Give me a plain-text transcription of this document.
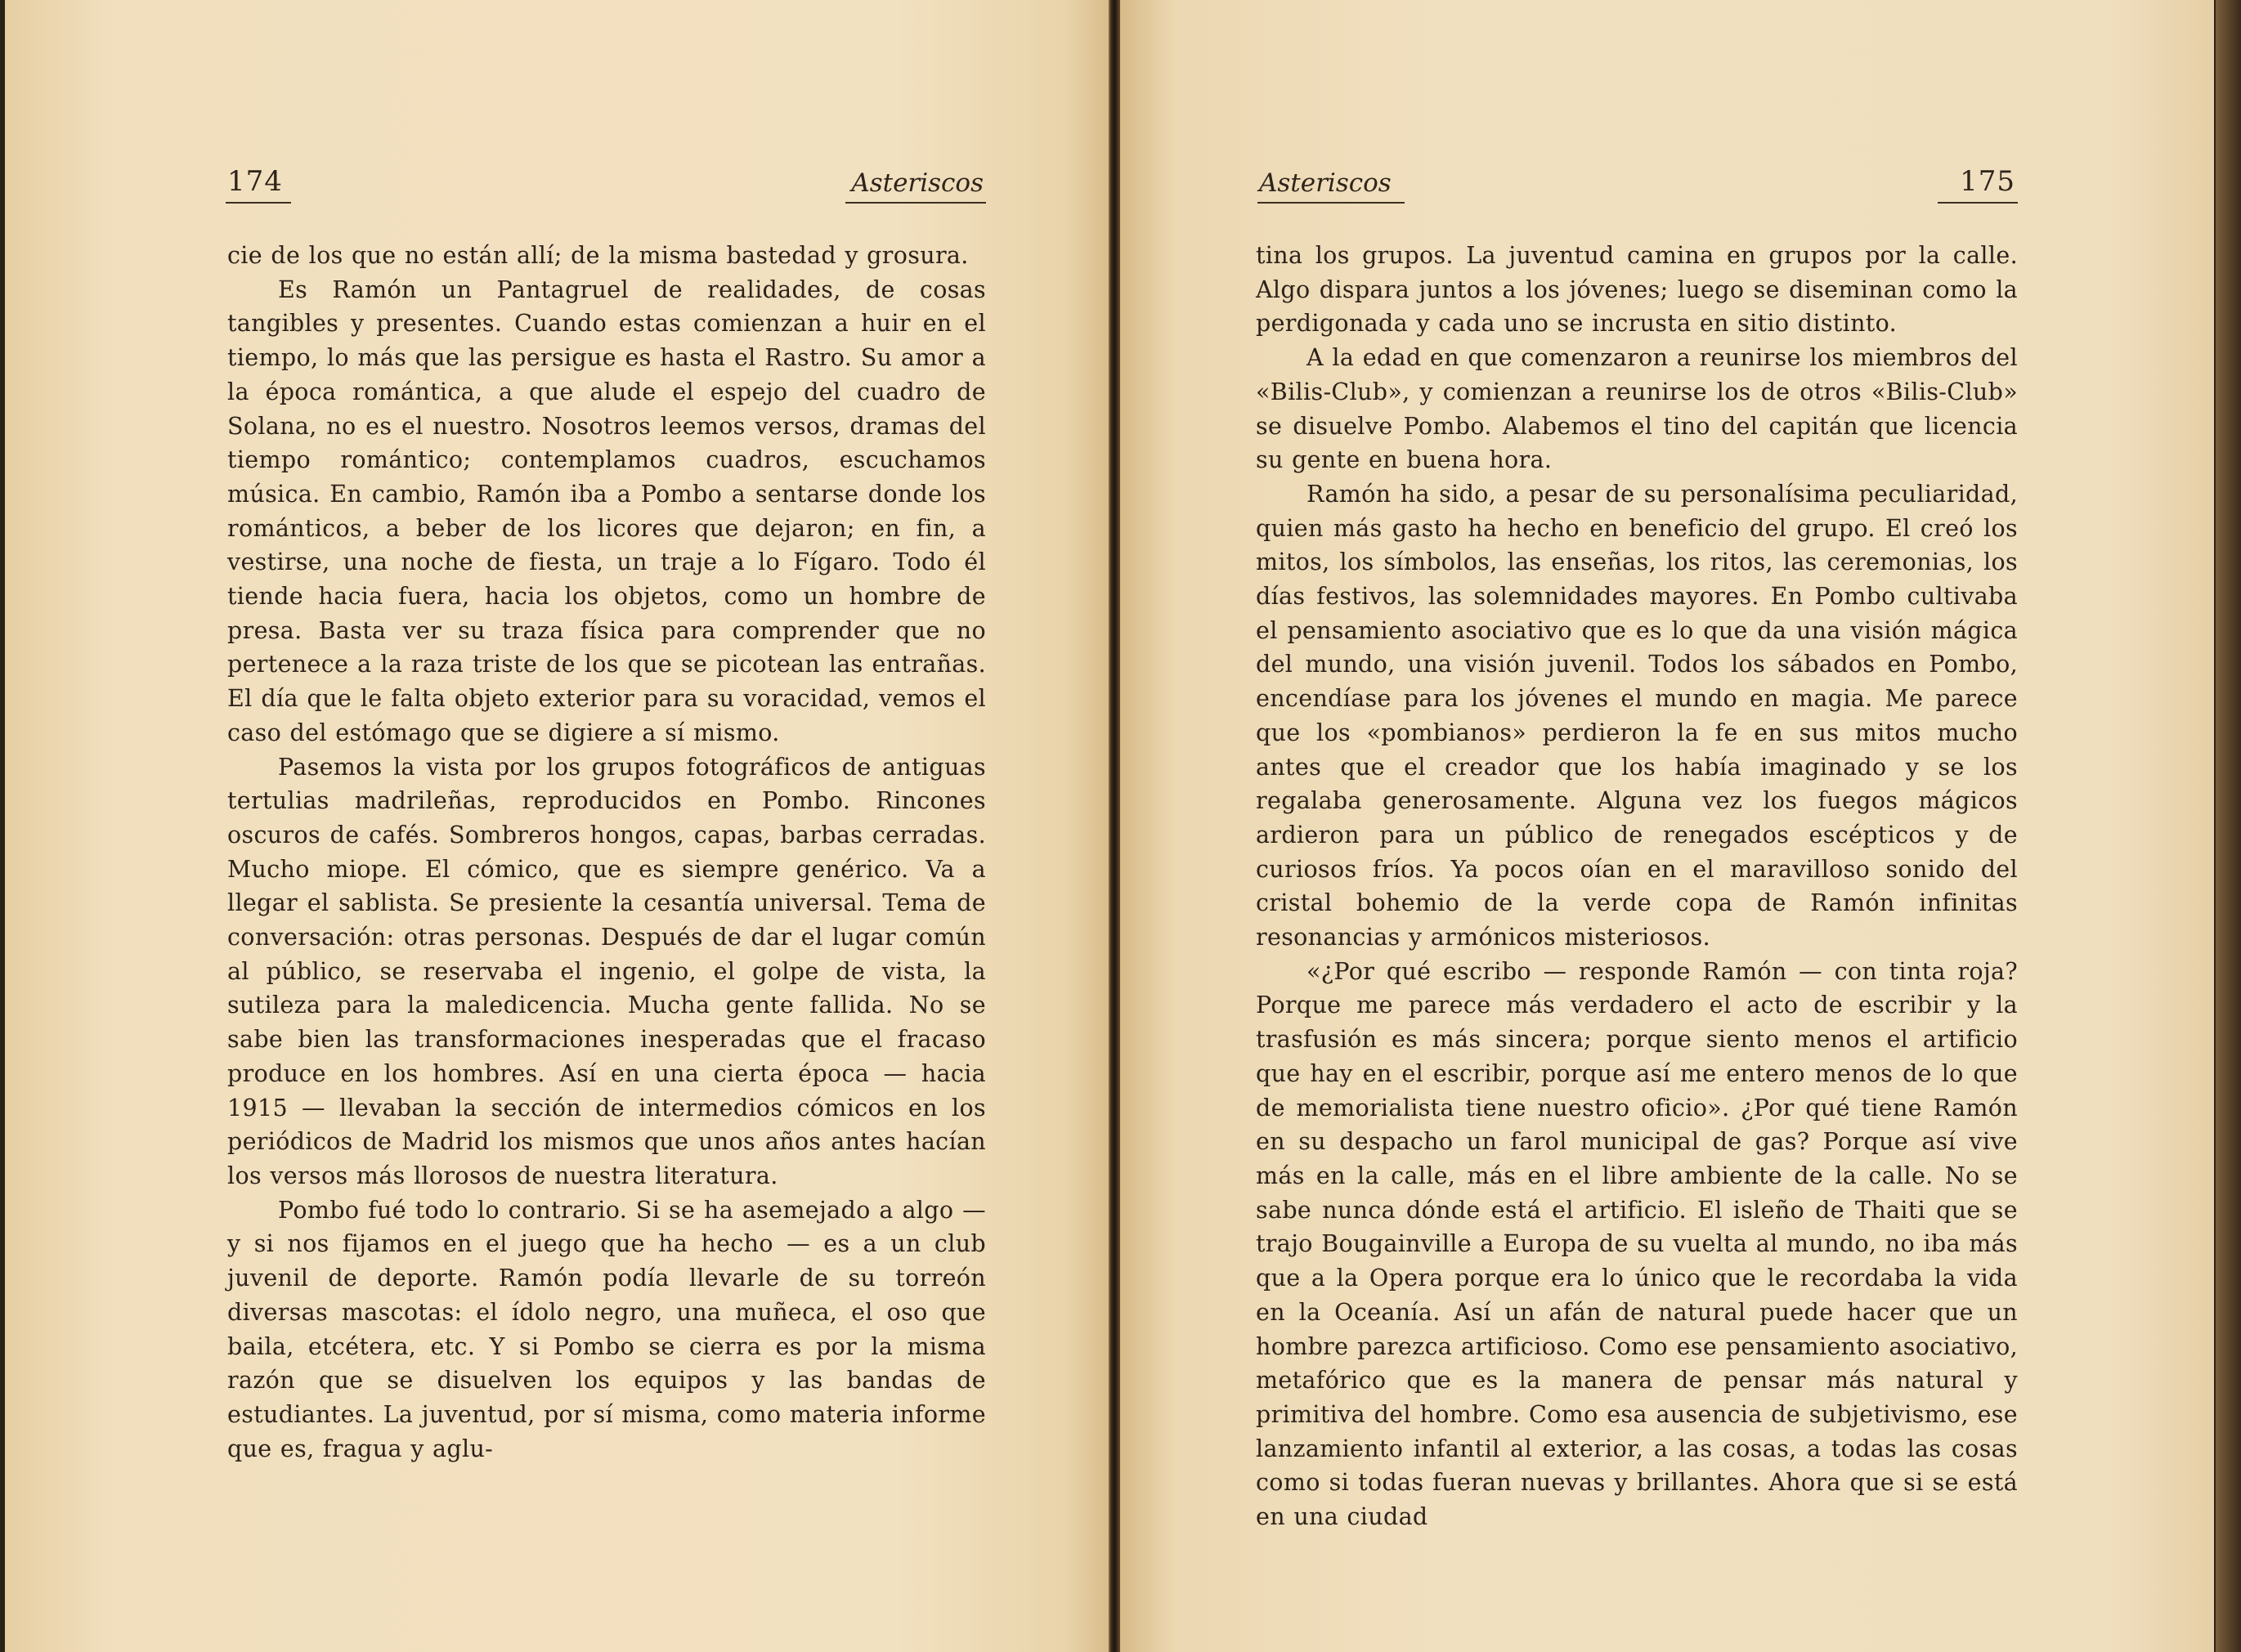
174	Asteriscos

cie de los que no están allí; de la misma bastedad y grosura.

Es Ramón un Pantagruel de realidades, de cosas tangibles y presentes. Cuando estas comienzan a huir en el tiempo, lo más que las persigue es hasta el Rastro. Su amor a la época romántica, a que alude el espejo del cuadro de Solana, no es el nuestro. Nosotros leemos versos, dramas del tiempo romántico; contemplamos cuadros, escuchamos música. En cambio, Ramón iba a Pombo a sentarse donde los románticos, a beber de los licores que dejaron; en fin, a vestirse, una noche de fiesta, un traje a lo Fígaro. Todo él tiende hacia fuera, hacia los objetos, como un hombre de presa. Basta ver su traza física para comprender que no pertenece a la raza triste de los que se picotean las entrañas. El día que le falta objeto exterior para su voracidad, vemos el caso del estómago que se digiere a sí mismo.

Pasemos la vista por los grupos fotográficos de antiguas tertulias madrileñas, reproducidos en Pombo. Rincones oscuros de cafés. Sombreros hongos, capas, barbas cerradas. Mucho miope. El cómico, que es siempre genérico. Va a llegar el sablista. Se presiente la cesantía universal. Tema de conversación: otras personas. Después de dar el lugar común al público, se reservaba el ingenio, el golpe de vista, la sutileza para la maledicencia. Mucha gente fallida. No se sabe bien las transformaciones inesperadas que el fracaso produce en los hombres. Así en una cierta época — hacia 1915 — llevaban la sección de intermedios cómicos en los periódicos de Madrid los mismos que unos años antes hacían los versos más llorosos de nuestra literatura.

Pombo fué todo lo contrario. Si se ha asemejado a algo — y si nos fijamos en el juego que ha hecho — es a un club juvenil de deporte. Ramón podía llevarle de su torreón diversas mascotas: el ídolo negro, una muñeca, el oso que baila, etcétera, etc. Y si Pombo se cierra es por la misma razón que se disuelven los equipos y las bandas de estudiantes. La juventud, por sí misma, como materia informe que es, fragua y aglu-

Asteriscos	175

tina los grupos. La juventud camina en grupos por la calle. Algo dispara juntos a los jóvenes; luego se diseminan como la perdigonada y cada uno se incrusta en sitio distinto.

A la edad en que comenzaron a reunirse los miembros del «Bilis-Club», y comienzan a reunirse los de otros «Bilis-Club» se disuelve Pombo. Alabemos el tino del capitán que licencia su gente en buena hora.

Ramón ha sido, a pesar de su personalísima peculiaridad, quien más gasto ha hecho en beneficio del grupo. El creó los mitos, los símbolos, las enseñas, los ritos, las ceremonias, los días festivos, las solemnidades mayores. En Pombo cultivaba el pensamiento asociativo que es lo que da una visión mágica del mundo, una visión juvenil. Todos los sábados en Pombo, encendíase para los jóvenes el mundo en magia. Me parece que los «pombianos» perdieron la fe en sus mitos mucho antes que el creador que los había imaginado y se los regalaba generosamente. Alguna vez los fuegos mágicos ardieron para un público de renegados escépticos y de curiosos fríos. Ya pocos oían en el maravilloso sonido del cristal bohemio de la verde copa de Ramón infinitas resonancias y armónicos misteriosos.

«¿Por qué escribo — responde Ramón — con tinta roja? Porque me parece más verdadero el acto de escribir y la trasfusión es más sincera; porque siento menos el artificio que hay en el escribir, porque así me entero menos de lo que de memorialista tiene nuestro oficio». ¿Por qué tiene Ramón en su despacho un farol municipal de gas? Porque así vive más en la calle, más en el libre ambiente de la calle. No se sabe nunca dónde está el artificio. El isleño de Thaiti que se trajo Bougainville a Europa de su vuelta al mundo, no iba más que a la Opera porque era lo único que le recordaba la vida en la Oceanía. Así un afán de natural puede hacer que un hombre parezca artificioso. Como ese pensamiento asociativo, metafórico que es la manera de pensar más natural y primitiva del hombre. Como esa ausencia de subjetivismo, ese lanzamiento infantil al exterior, a las cosas, a todas las cosas como si todas fueran nuevas y brillantes. Ahora que si se está en una ciudad
